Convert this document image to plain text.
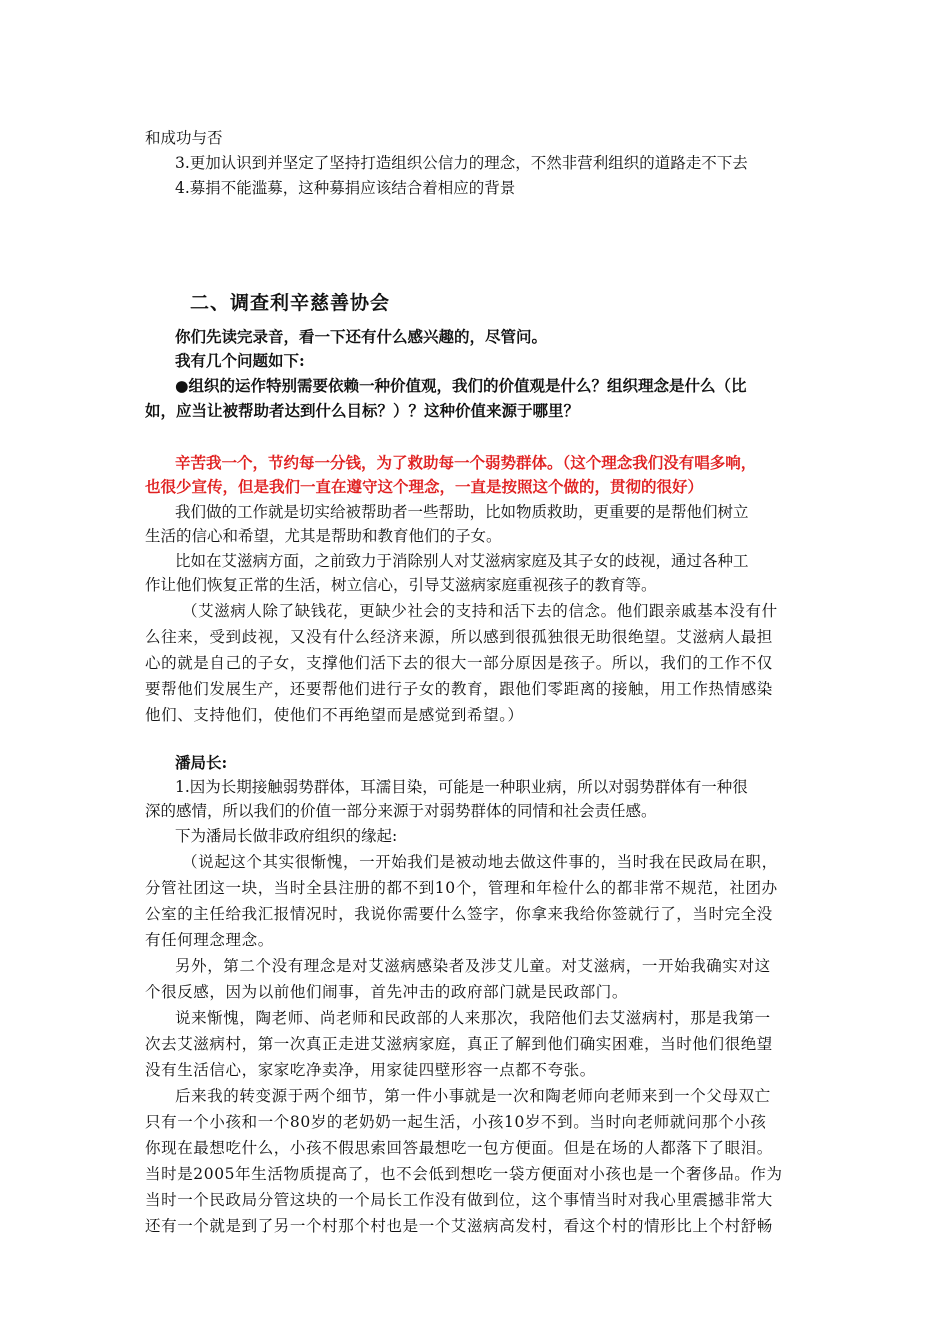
和成功与否
3.更加认识到并坚定了坚持打造组织公信力的理念，不然非营利组织的道路走不下去
4.募捐不能滥募，这种募捐应该结合着相应的背景
二、调查利辛慈善协会
你们先读完录音，看一下还有什么感兴趣的，尽管问。
我有几个问题如下:
●组织的运作特别需要依赖一种价值观，我们的价值观是什么？组织理念是什么（比
如，应当让被帮助者达到什么目标？）？这种价值来源于哪里？
辛苦我一个，节约每一分钱，为了救助每一个弱势群体。（这个理念我们没有唱多响，
也很少宣传，但是我们一直在遵守这个理念，一直是按照这个做的，贯彻的很好）
我们做的工作就是切实给被帮助者一些帮助，比如物质救助，更重要的是帮他们树立
生活的信心和希望，尤其是帮助和教育他们的子女。
比如在艾滋病方面，之前致力于消除别人对艾滋病家庭及其子女的歧视，通过各种工
作让他们恢复正常的生活，树立信心，引导艾滋病家庭重视孩子的教育等。
（艾滋病人除了缺钱花，更缺少社会的支持和活下去的信念。他们跟亲戚基本没有什
么往来，受到歧视，又没有什么经济来源，所以感到很孤独很无助很绝望。艾滋病人最担
心的就是自己的子女，支撑他们活下去的很大一部分原因是孩子。所以，我们的工作不仅
要帮他们发展生产，还要帮他们进行子女的教育，跟他们零距离的接触，用工作热情感染
他们、支持他们，使他们不再绝望而是感觉到希望。）
潘局长:
1.因为长期接触弱势群体，耳濡目染，可能是一种职业病，所以对弱势群体有一种很
深的感情，所以我们的价值一部分来源于对弱势群体的同情和社会责任感。
下为潘局长做非政府组织的缘起:
（说起这个其实很惭愧，一开始我们是被动地去做这件事的，当时我在民政局在职，
分管社团这一块，当时全县注册的都不到10个，管理和年检什么的都非常不规范，社团办
公室的主任给我汇报情况时，我说你需要什么签字，你拿来我给你签就行了，当时完全没
有任何理念理念。
另外，第二个没有理念是对艾滋病感染者及涉艾儿童。对艾滋病，一开始我确实对这
个很反感，因为以前他们闹事，首先冲击的政府部门就是民政部门。
说来惭愧，陶老师、尚老师和民政部的人来那次，我陪他们去艾滋病村，那是我第一
次去艾滋病村，第一次真正走进艾滋病家庭，真正了解到他们确实困难，当时他们很绝望
没有生活信心，家家吃净卖净，用家徒四壁形容一点都不夸张。
后来我的转变源于两个细节，第一件小事就是一次和陶老师向老师来到一个父母双亡
只有一个小孩和一个80岁的老奶奶一起生活，小孩10岁不到。当时向老师就问那个小孩
你现在最想吃什么，小孩不假思索回答最想吃一包方便面。但是在场的人都落下了眼泪。
当时是2005年生活物质提高了，也不会低到想吃一袋方便面对小孩也是一个奢侈品。作为
当时一个民政局分管这块的一个局长工作没有做到位，这个事情当时对我心里震撼非常大
还有一个就是到了另一个村那个村也是一个艾滋病高发村，看这个村的情形比上个村舒畅
